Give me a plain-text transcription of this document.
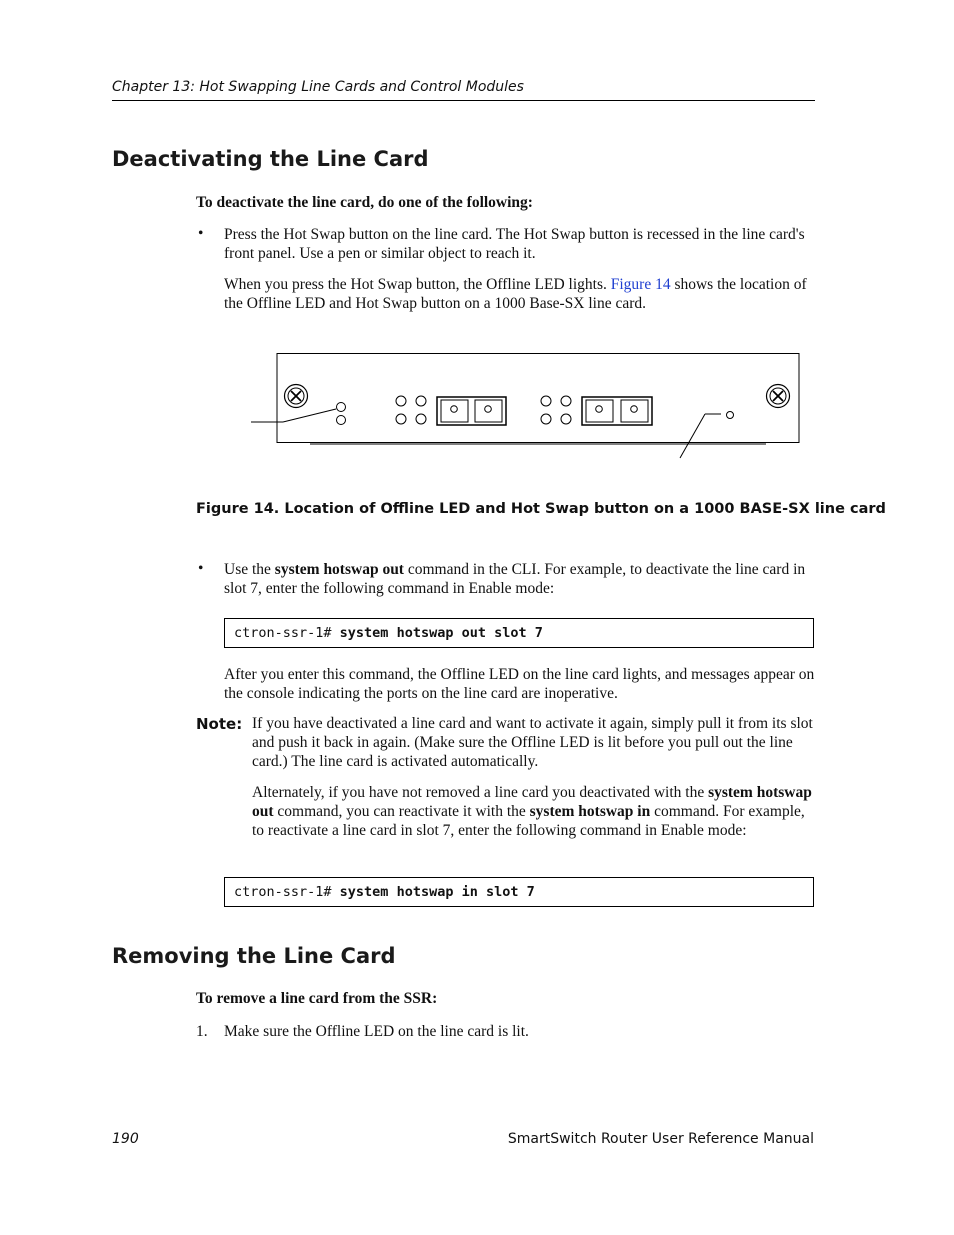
Chapter 13: Hot Swapping Line Cards and Control Modules
Deactivating the Line Card
To deactivate the line card, do one of the following:
• Press the Hot Swap button on the line card. The Hot Swap button is recessed in the line card's front panel. Use a pen or similar object to reach it.
When you press the Hot Swap button, the Offline LED lights. Figure 14 shows the location of the Offline LED and Hot Swap button on a 1000 Base-SX line card.
Figure 14. Location of Offline LED and Hot Swap button on a 1000 BASE-SX line card
• Use the system hotswap out command in the CLI. For example, to deactivate the line card in slot 7, enter the following command in Enable mode:
ctron-ssr-1# system hotswap out slot 7
After you enter this command, the Offline LED on the line card lights, and messages appear on the console indicating the ports on the line card are inoperative.
Note: If you have deactivated a line card and want to activate it again, simply pull it from its slot and push it back in again. (Make sure the Offline LED is lit before you pull out the line card.) The line card is activated automatically.
Alternately, if you have not removed a line card you deactivated with the system hotswap out command, you can reactivate it with the system hotswap in command. For example, to reactivate a line card in slot 7, enter the following command in Enable mode:
ctron-ssr-1# system hotswap in slot 7
Removing the Line Card
To remove a line card from the SSR:
1. Make sure the Offline LED on the line card is lit.
190	SmartSwitch Router User Reference Manual
